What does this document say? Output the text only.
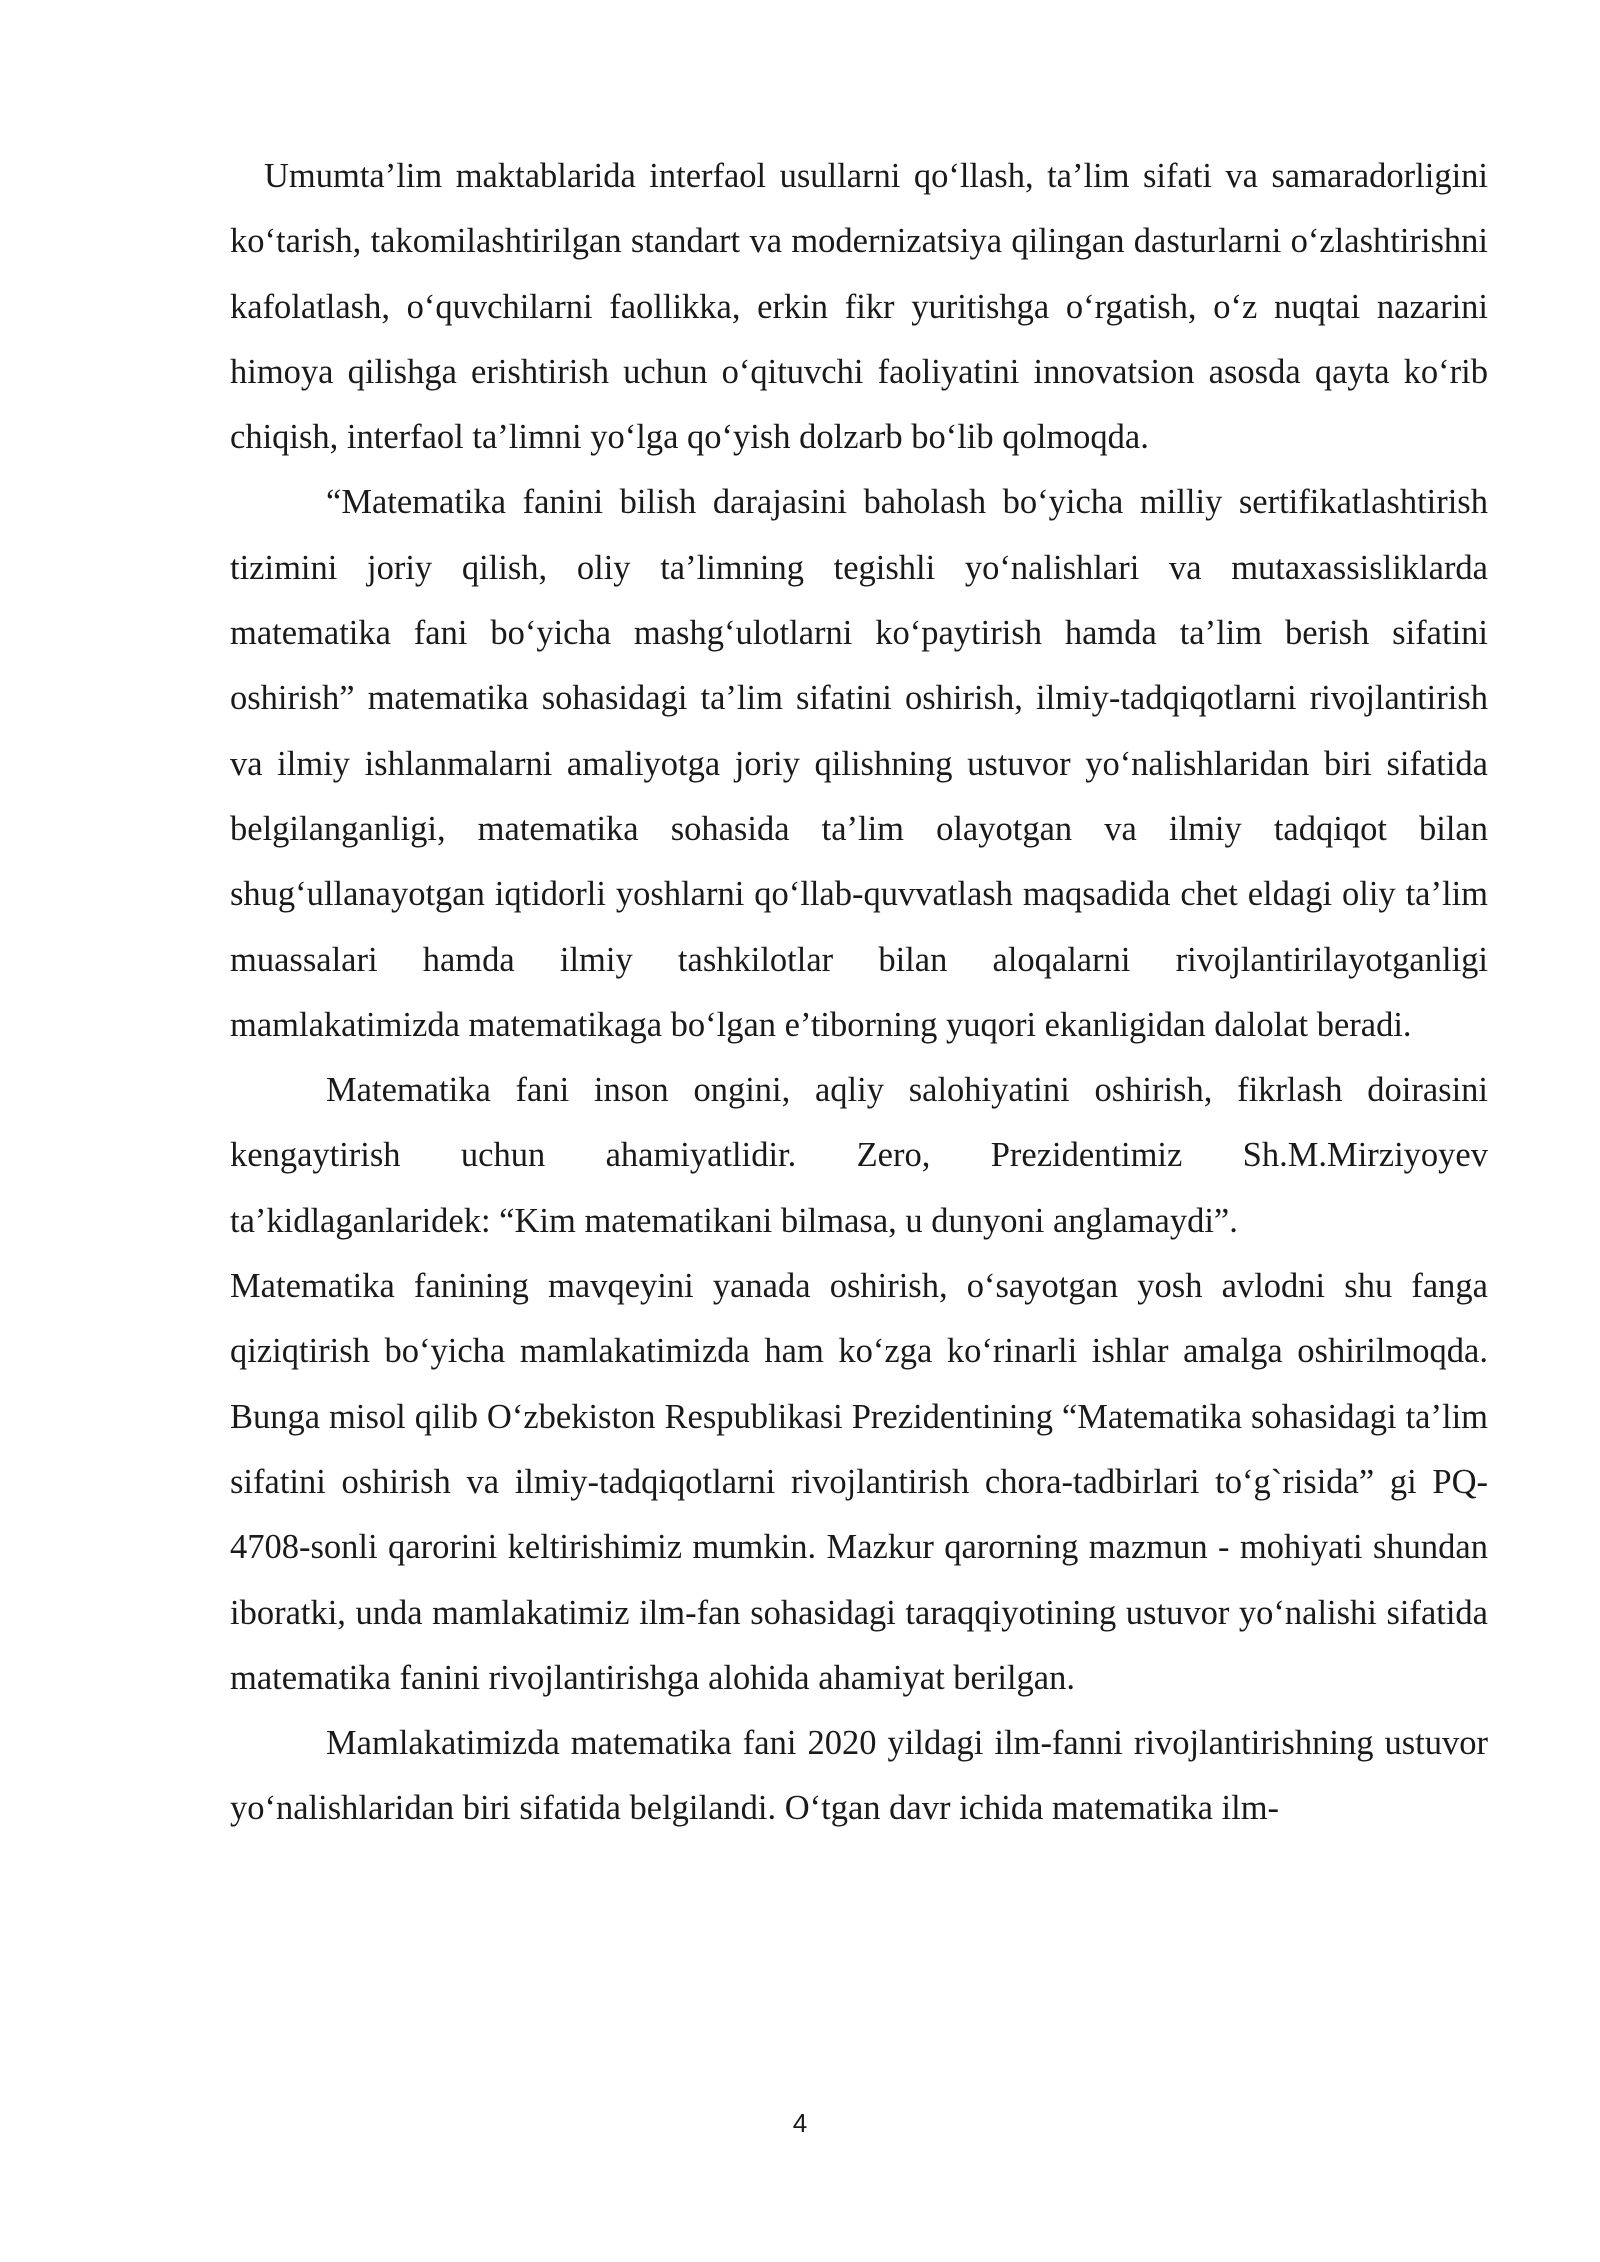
Umumta’lim maktablarida interfaol usullarni qo‘llash, ta’lim sifati va samaradorligini ko‘tarish, takomilashtirilgan standart va modernizatsiya qilingan dasturlarni o‘zlashtirishni kafolatlash, o‘quvchilarni faollikka, erkin fikr yuritishga o‘rgatish, o‘z nuqtai nazarini himoya qilishga erishtirish uchun o‘qituvchi faoliyatini innovatsion asosda qayta ko‘rib chiqish, interfaol ta’limni yo‘lga qo‘yish dolzarb bo‘lib qolmoqda.

“Matematika fanini bilish darajasini baholash bo‘yicha milliy sertifikatlashtirish tizimini joriy qilish, oliy ta’limning tegishli yo‘nalishlari va mutaxassisliklarda matematika fani bo‘yicha mashg‘ulotlarni ko‘paytirish hamda ta’lim berish sifatini oshirish” matematika sohasidagi ta’lim sifatini oshirish, ilmiy-tadqiqotlarni rivojlantirish va ilmiy ishlanmalarni amaliyotga joriy qilishning ustuvor yo‘nalishlaridan biri sifatida belgilanganligi, matematika sohasida ta’lim olayotgan va ilmiy tadqiqot bilan shug‘ullanayotgan iqtidorli yoshlarni qo‘llab-quvvatlash maqsadida chet eldagi oliy ta’lim muassalari hamda ilmiy tashkilotlar bilan aloqalarni rivojlantirilayotganligi mamlakatimizda matematikaga bo‘lgan e’tiborning yuqori ekanligidan dalolat beradi.

Matematika fani inson ongini, aqliy salohiyatini oshirish, fikrlash doirasini kengaytirish uchun ahamiyatlidir. Zero, Prezidentimiz Sh.M.Mirziyoyev ta’kidlaganlaridek: “Kim matematikani bilmasa, u dunyoni anglamaydi”.

Matematika fanining mavqeyini yanada oshirish, o‘sayotgan yosh avlodni shu fanga qiziqtirish bo‘yicha mamlakatimizda ham ko‘zga ko‘rinarli ishlar amalga oshirilmoqda. Bunga misol qilib O‘zbekiston Respublikasi Prezidentining “Matematika sohasidagi ta’lim sifatini oshirish va ilmiy-tadqiqotlarni rivojlantirish chora-tadbirlari to‘g`risida” gi PQ-4708-sonli qarorini keltirishimiz mumkin. Mazkur qarorning mazmun - mohiyati shundan iboratki, unda mamlakatimiz ilm-fan sohasidagi taraqqiyotining ustuvor yo‘nalishi sifatida matematika fanini rivojlantirishga alohida ahamiyat berilgan.

Mamlakatimizda matematika fani 2020 yildagi ilm-fanni rivojlantirishning ustuvor yo‘nalishlaridan biri sifatida belgilandi. O‘tgan davr ichida matematika ilm-

4
